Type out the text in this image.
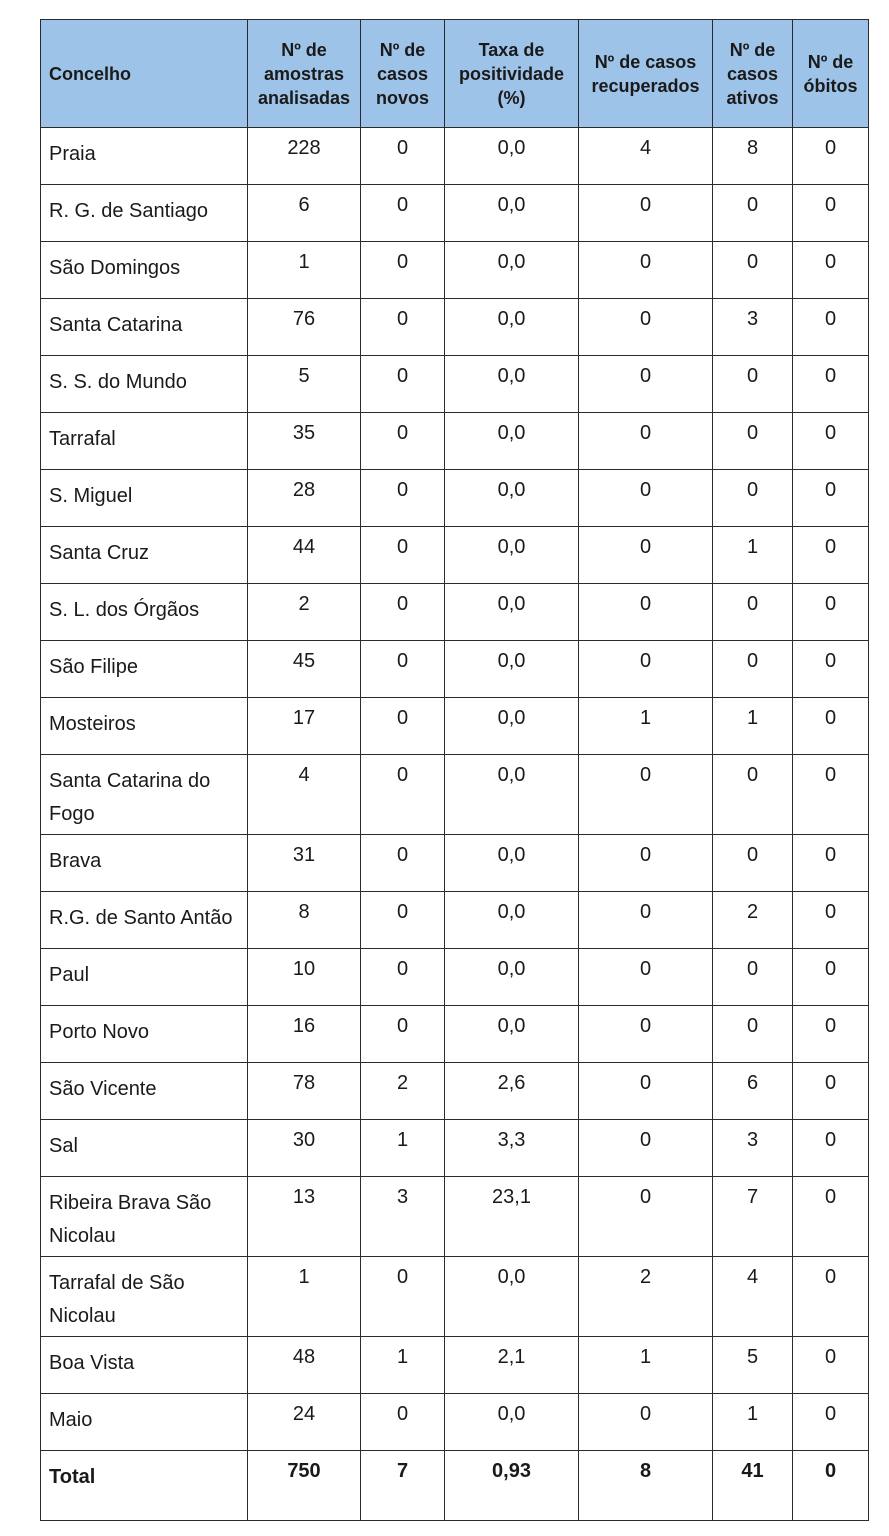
Concelho	Nº de amostras analisadas	Nº de casos novos	Taxa de positividade (%)	Nº de casos recuperados	Nº de casos ativos	Nº de óbitos
Praia	228	0	0,0	4	8	0
R. G. de Santiago	6	0	0,0	0	0	0
São Domingos	1	0	0,0	0	0	0
Santa Catarina	76	0	0,0	0	3	0
S. S. do Mundo	5	0	0,0	0	0	0
Tarrafal	35	0	0,0	0	0	0
S. Miguel	28	0	0,0	0	0	0
Santa Cruz	44	0	0,0	0	1	0
S. L. dos Órgãos	2	0	0,0	0	0	0
São Filipe	45	0	0,0	0	0	0
Mosteiros	17	0	0,0	1	1	0
Santa Catarina do Fogo	4	0	0,0	0	0	0
Brava	31	0	0,0	0	0	0
R.G. de Santo Antão	8	0	0,0	0	2	0
Paul	10	0	0,0	0	0	0
Porto Novo	16	0	0,0	0	0	0
São Vicente	78	2	2,6	0	6	0
Sal	30	1	3,3	0	3	0
Ribeira Brava São Nicolau	13	3	23,1	0	7	0
Tarrafal de São Nicolau	1	0	0,0	2	4	0
Boa Vista	48	1	2,1	1	5	0
Maio	24	0	0,0	0	1	0
Total	750	7	0,93	8	41	0
